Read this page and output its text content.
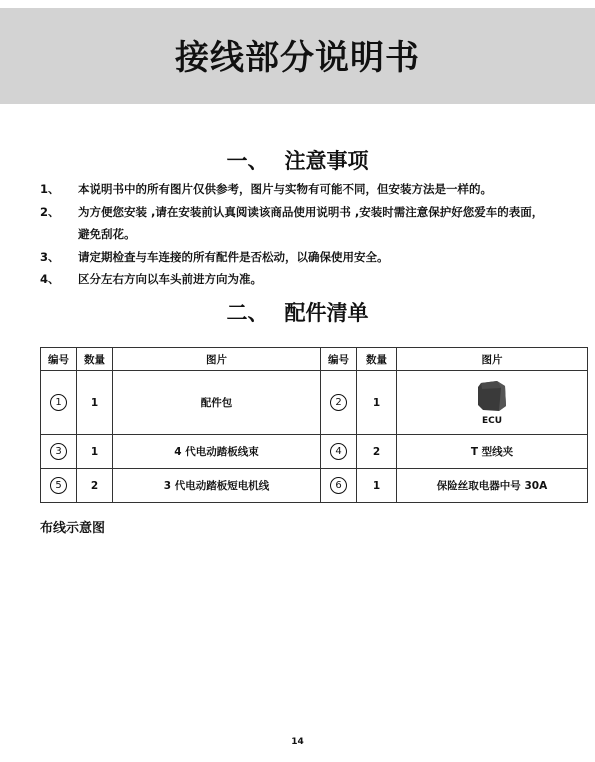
接线部分说明书
一、 注意事项
1、	本说明书中的所有图片仅供参考，图片与实物有可能不同，但安装方法是一样的。
2、	为方便您安装 ,请在安装前认真阅读该商品使用说明书 ,安装时需注意保护好您爱车的表面，
避免刮花。
3、	请定期检查与车连接的所有配件是否松动，以确保使用安全。
4、	区分左右方向以车头前进方向为准。
二、 配件清单
编号	数量	图片	编号	数量	图片
1	1	配件包	2	1	ECU

3	1	4 代电动踏板线束	4	2	T 型线夹
5	2	3 代电动踏板短电机线	6	1	保险丝取电器中号 30A
布线示意图
14
